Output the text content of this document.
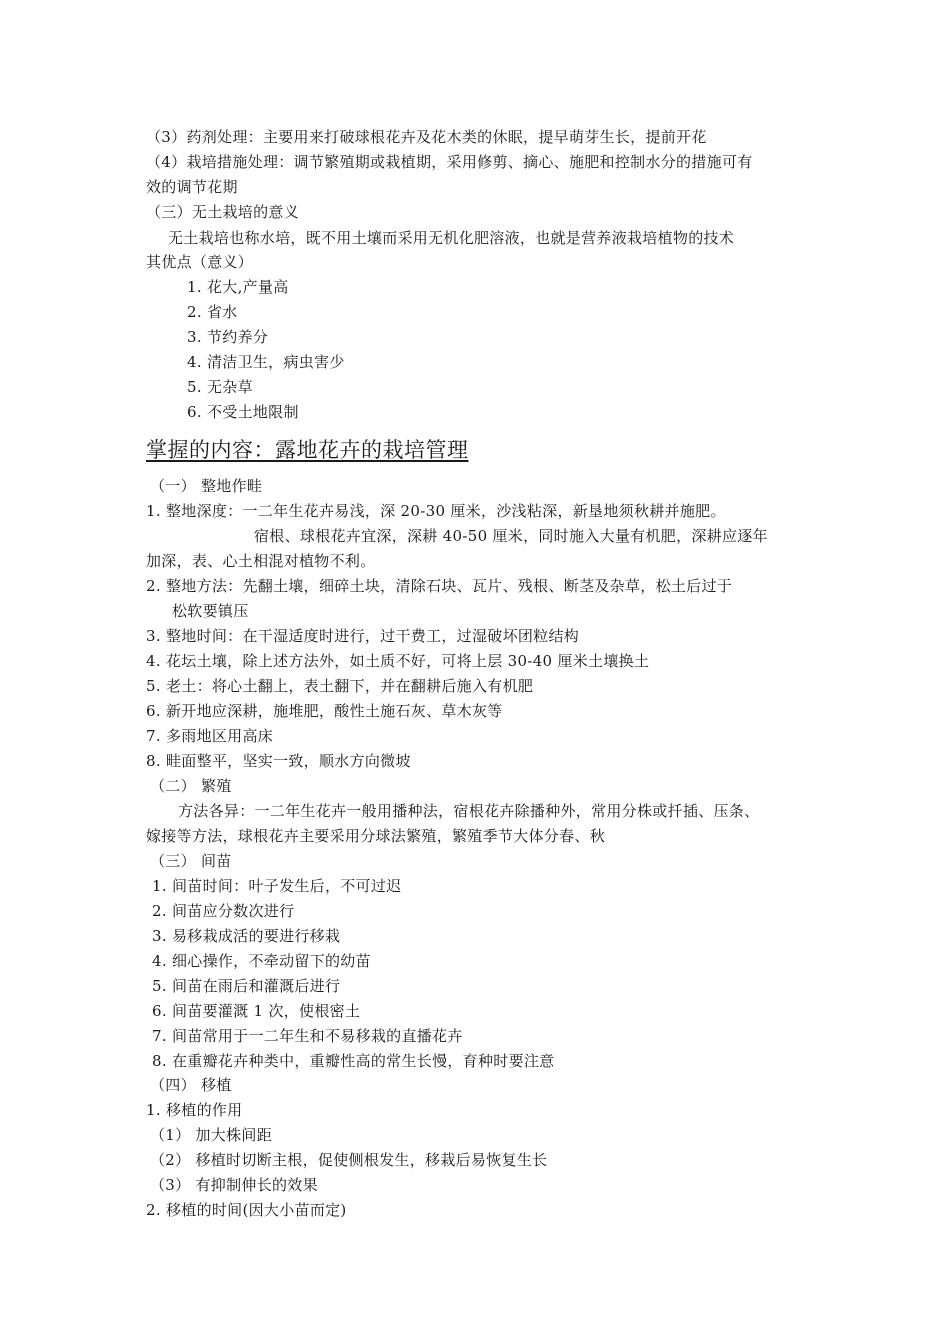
（3）药剂处理：主要用来打破球根花卉及花木类的休眠，提早萌芽生长，提前开花
（4）栽培措施处理：调节繁殖期或栽植期，采用修剪、摘心、施肥和控制水分的措施可有
效的调节花期
（三）无土栽培的意义
无土栽培也称水培，既不用土壤而采用无机化肥溶液，也就是营养液栽培植物的技术
其优点（意义）
1. 花大,产量高
2. 省水
3. 节约养分
4. 清洁卫生，病虫害少
5. 无杂草
6. 不受土地限制
掌握的内容：露地花卉的栽培管理
（一） 整地作畦
1. 整地深度：一二年生花卉易浅，深 20-30 厘米，沙浅粘深，新垦地须秋耕并施肥。
宿根、球根花卉宜深，深耕 40-50 厘米，同时施入大量有机肥，深耕应逐年
加深，表、心土相混对植物不利。
2. 整地方法：先翻土壤，细碎土块，清除石块、瓦片、残根、断茎及杂草，松土后过于
松软要镇压
3. 整地时间：在干湿适度时进行，过干费工，过湿破坏团粒结构
4. 花坛土壤，除上述方法外，如土质不好，可将上层 30-40 厘米土壤换土
5. 老土：将心土翻上，表土翻下，并在翻耕后施入有机肥
6. 新开地应深耕，施堆肥，酸性土施石灰、草木灰等
7. 多雨地区用高床
8. 畦面整平，坚实一致，顺水方向微坡
（二） 繁殖
方法各异：一二年生花卉一般用播种法，宿根花卉除播种外，常用分株或扦插、压条、
嫁接等方法，球根花卉主要采用分球法繁殖，繁殖季节大体分春、秋
（三） 间苗
1. 间苗时间：叶子发生后，不可过迟
2. 间苗应分数次进行
3. 易移栽成活的要进行移栽
4. 细心操作，不牵动留下的幼苗
5. 间苗在雨后和灌溉后进行
6. 间苗要灌溉 1 次，使根密土
7. 间苗常用于一二年生和不易移栽的直播花卉
8. 在重瓣花卉种类中，重瓣性高的常生长慢，育种时要注意
（四） 移植
1. 移植的作用
（1） 加大株间距
（2） 移植时切断主根，促使侧根发生，移栽后易恢复生长
（3） 有抑制伸长的效果
2. 移植的时间(因大小苗而定)
